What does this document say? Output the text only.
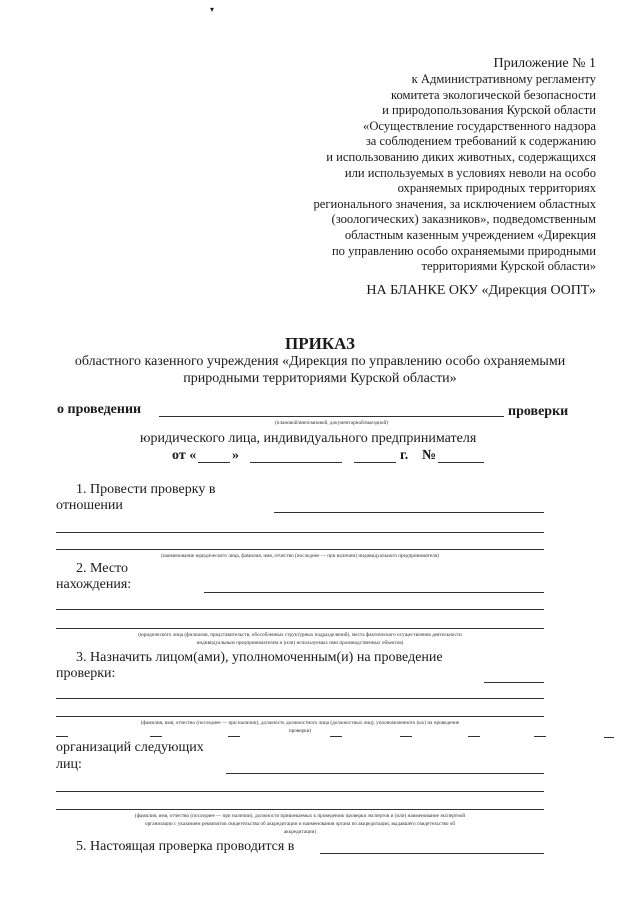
▾
Приложение № 1
к Административному регламенту
комитета экологической безопасности
и природопользования Курской области
«Осуществление государственного надзора
за соблюдением требований к содержанию
и использованию диких животных, содержащихся
или используемых в условиях неволи на особо
охраняемых природных территориях
регионального значения, за исключением областных
(зоологических) заказников», подведомственным
областным казенным учреждением «Дирекция
по управлению особо охраняемыми природными
территориями Курской области»
НА БЛАНКЕ ОКУ «Дирекция ООПТ»
ПРИКАЗ
областного казенного учреждения «Дирекция по управлению особо охраняемыми
природными территориями Курской области»
о проведении	проверки
(плановой/внеплановой, документарной/выездной)
юридического лица, индивидуального предпринимателя
от «	»	г. №
1. Провести проверку в
отношении
(наименование юридического лица, фамилия, имя, отчество (последнее — при наличии) индивидуального предпринимателя)
2. Место
нахождения:
(юридического лица (филиалов, представительств, обособленных структурных подразделений), места фактического осуществления деятельности
индивидуальным предпринимателем и (или) используемых ими производственных объектов)
3. Назначить лицом(ами), уполномоченным(и) на проведение
проверки:
(фамилия, имя, отчество (последнее — при наличии), должность должностного лица (должностных лиц), уполномоченного (ых) на проведение
проверки)
организаций следующих
лиц:
(фамилия, имя, отчество (последнее — при наличии), должности привлекаемых к проведению проверки экспертов и (или) наименование экспертной
организации с указанием реквизитов свидетельства об аккредитации и наименования органа по аккредитации, выдавшего свидетельство об
аккредитации)
5. Настоящая проверка проводится в
